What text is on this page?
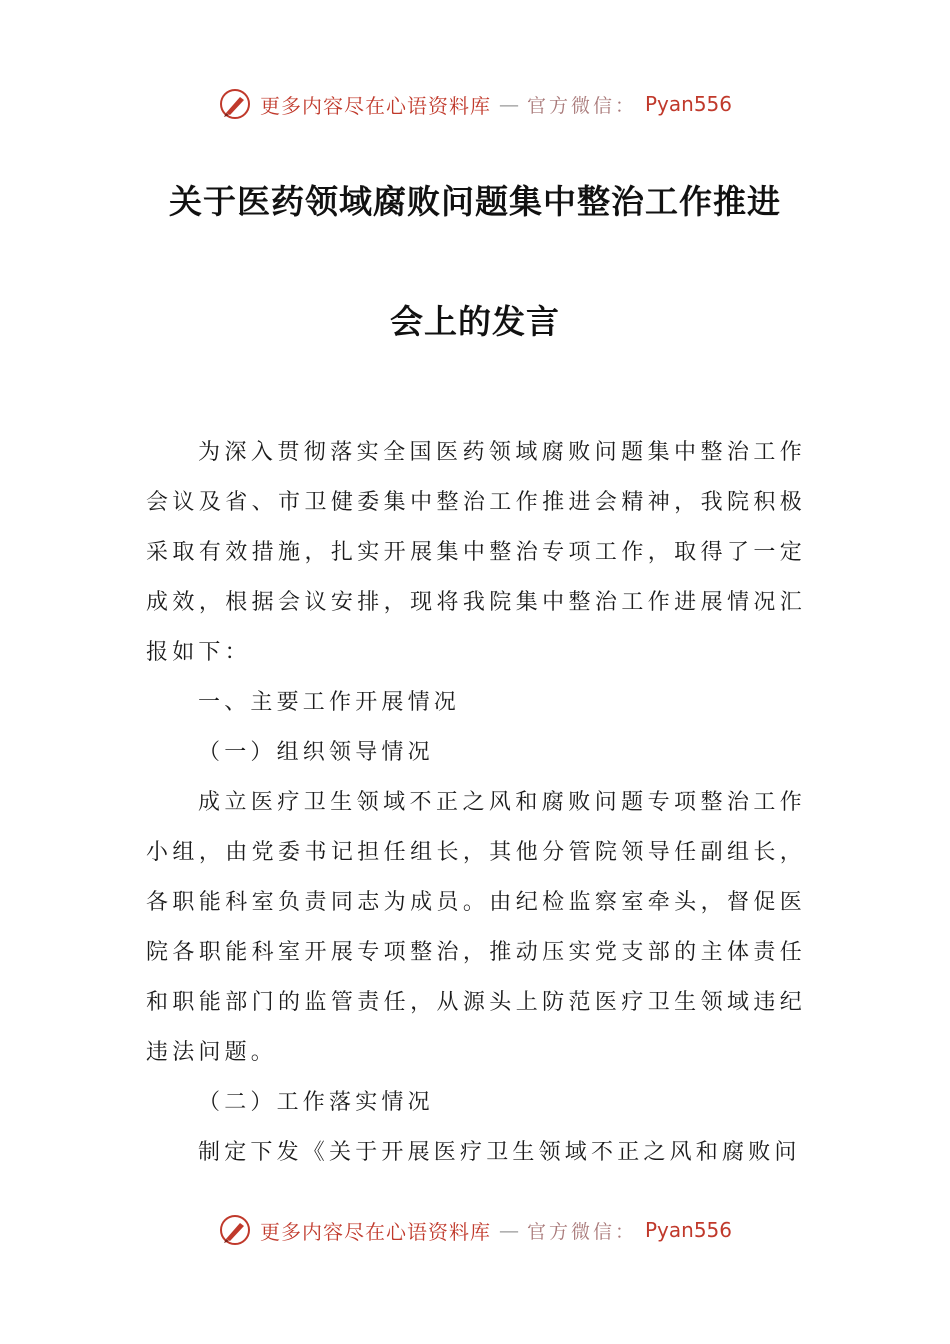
更多内容尽在心语资料库 — 官方微信： Pyan556
关于医药领域腐败问题集中整治工作推进
会上的发言

为深入贯彻落实全国医药领域腐败问题集中整治工作会议及省、市卫健委集中整治工作推进会精神，我院积极采取有效措施，扎实开展集中整治专项工作，取得了一定成效，根据会议安排，现将我院集中整治工作进展情况汇报如下：

一、主要工作开展情况

（一）组织领导情况

成立医疗卫生领域不正之风和腐败问题专项整治工作小组，由党委书记担任组长，其他分管院领导任副组长，各职能科室负责同志为成员。由纪检监察室牵头，督促医院各职能科室开展专项整治，推动压实党支部的主体责任和职能部门的监管责任，从源头上防范医疗卫生领域违纪违法问题。

（二）工作落实情况

制定下发《关于开展医疗卫生领域不正之风和腐败问

更多内容尽在心语资料库 — 官方微信： Pyan556
